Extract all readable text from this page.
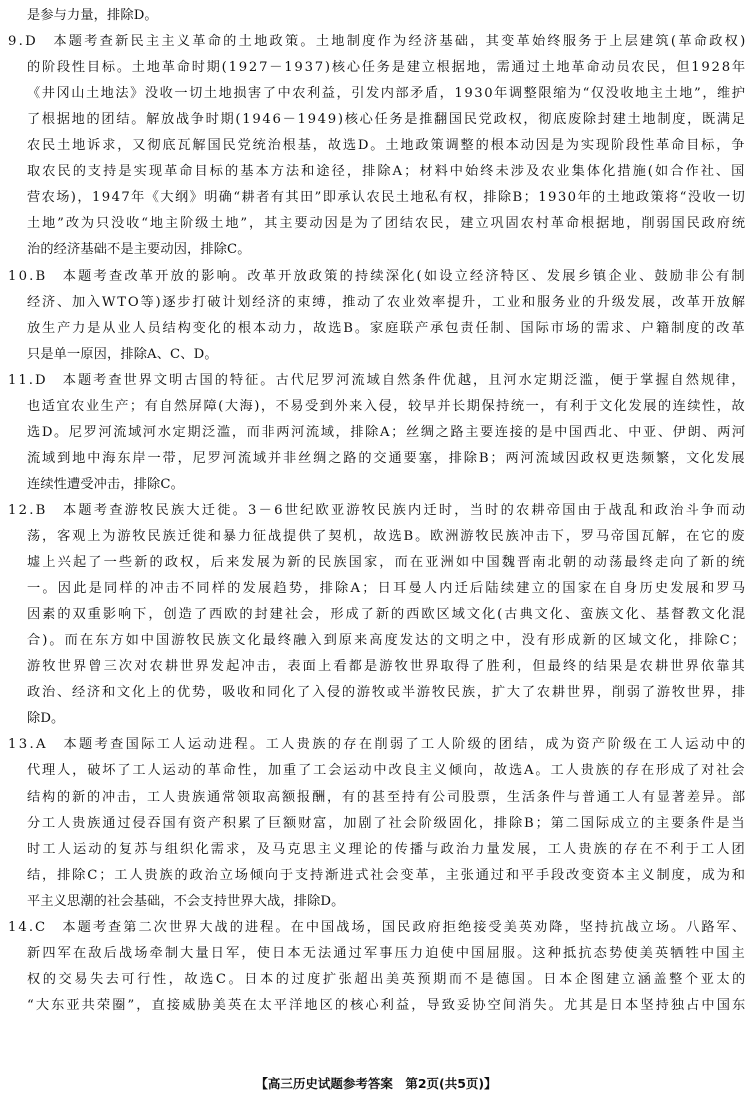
是参与力量，排除D。
9.D　本题考查新民主主义革命的土地政策。土地制度作为经济基础，其变革始终服务于上层建筑(革命政权)
的阶段性目标。土地革命时期(1927－1937)核心任务是建立根据地，需通过土地革命动员农民，但1928年
《井冈山土地法》没收一切土地损害了中农利益，引发内部矛盾，1930年调整限缩为“仅没收地主土地”，维护
了根据地的团结。解放战争时期(1946－1949)核心任务是推翻国民党政权，彻底废除封建土地制度，既满足
农民土地诉求，又彻底瓦解国民党统治根基，故选D。土地政策调整的根本动因是为实现阶段性革命目标，争
取农民的支持是实现革命目标的基本方法和途径，排除A；材料中始终未涉及农业集体化措施(如合作社、国
营农场)，1947年《大纲》明确“耕者有其田”即承认农民土地私有权，排除B；1930年的土地政策将“没收一切
土地”改为只没收“地主阶级土地”，其主要动因是为了团结农民，建立巩固农村革命根据地，削弱国民政府统
治的经济基础不是主要动因，排除C。
10.B　本题考查改革开放的影响。改革开放政策的持续深化(如设立经济特区、发展乡镇企业、鼓励非公有制
经济、加入WTO等)逐步打破计划经济的束缚，推动了农业效率提升，工业和服务业的升级发展，改革开放解
放生产力是从业人员结构变化的根本动力，故选B。家庭联产承包责任制、国际市场的需求、户籍制度的改革
只是单一原因，排除A、C、D。
11.D　本题考查世界文明古国的特征。古代尼罗河流域自然条件优越，且河水定期泛滥，便于掌握自然规律，
也适宜农业生产；有自然屏障(大海)，不易受到外来入侵，较早并长期保持统一，有利于文化发展的连续性，故
选D。尼罗河流域河水定期泛滥，而非两河流域，排除A；丝绸之路主要连接的是中国西北、中亚、伊朗、两河
流域到地中海东岸一带，尼罗河流域并非丝绸之路的交通要塞，排除B；两河流域因政权更迭频繁，文化发展
连续性遭受冲击，排除C。
12.B　本题考查游牧民族大迁徙。3－6世纪欧亚游牧民族内迁时，当时的农耕帝国由于战乱和政治斗争而动
荡，客观上为游牧民族迁徙和暴力征战提供了契机，故选B。欧洲游牧民族冲击下，罗马帝国瓦解，在它的废
墟上兴起了一些新的政权，后来发展为新的民族国家，而在亚洲如中国魏晋南北朝的动荡最终走向了新的统
一。因此是同样的冲击不同样的发展趋势，排除A；日耳曼人内迁后陆续建立的国家在自身历史发展和罗马
因素的双重影响下，创造了西欧的封建社会，形成了新的西欧区域文化(古典文化、蛮族文化、基督教文化混
合)。而在东方如中国游牧民族文化最终融入到原来高度发达的文明之中，没有形成新的区域文化，排除C；
游牧世界曾三次对农耕世界发起冲击，表面上看都是游牧世界取得了胜利，但最终的结果是农耕世界依靠其
政治、经济和文化上的优势，吸收和同化了入侵的游牧或半游牧民族，扩大了农耕世界，削弱了游牧世界，排
除D。
13.A　本题考查国际工人运动进程。工人贵族的存在削弱了工人阶级的团结，成为资产阶级在工人运动中的
代理人，破坏了工人运动的革命性，加重了工会运动中改良主义倾向，故选A。工人贵族的存在形成了对社会
结构的新的冲击，工人贵族通常领取高额报酬，有的甚至持有公司股票，生活条件与普通工人有显著差异。部
分工人贵族通过侵吞国有资产积累了巨额财富，加剧了社会阶级固化，排除B；第二国际成立的主要条件是当
时工人运动的复苏与组织化需求，及马克思主义理论的传播与政治力量发展，工人贵族的存在不利于工人团
结，排除C；工人贵族的政治立场倾向于支持渐进式社会变革，主张通过和平手段改变资本主义制度，成为和
平主义思潮的社会基础，不会支持世界大战，排除D。
14.C　本题考查第二次世界大战的进程。在中国战场，国民政府拒绝接受美英劝降，坚持抗战立场。八路军、
新四军在敌后战场牵制大量日军，使日本无法通过军事压力迫使中国屈服。这种抵抗态势使美英牺牲中国主
权的交易失去可行性，故选C。日本的过度扩张超出美英预期而不是德国。日本企图建立涵盖整个亚太的
“大东亚共荣圈”，直接威胁美英在太平洋地区的核心利益，导致妥协空间消失。尤其是日本坚持独占中国东
【高三历史试题参考答案　第2页(共5页)】
